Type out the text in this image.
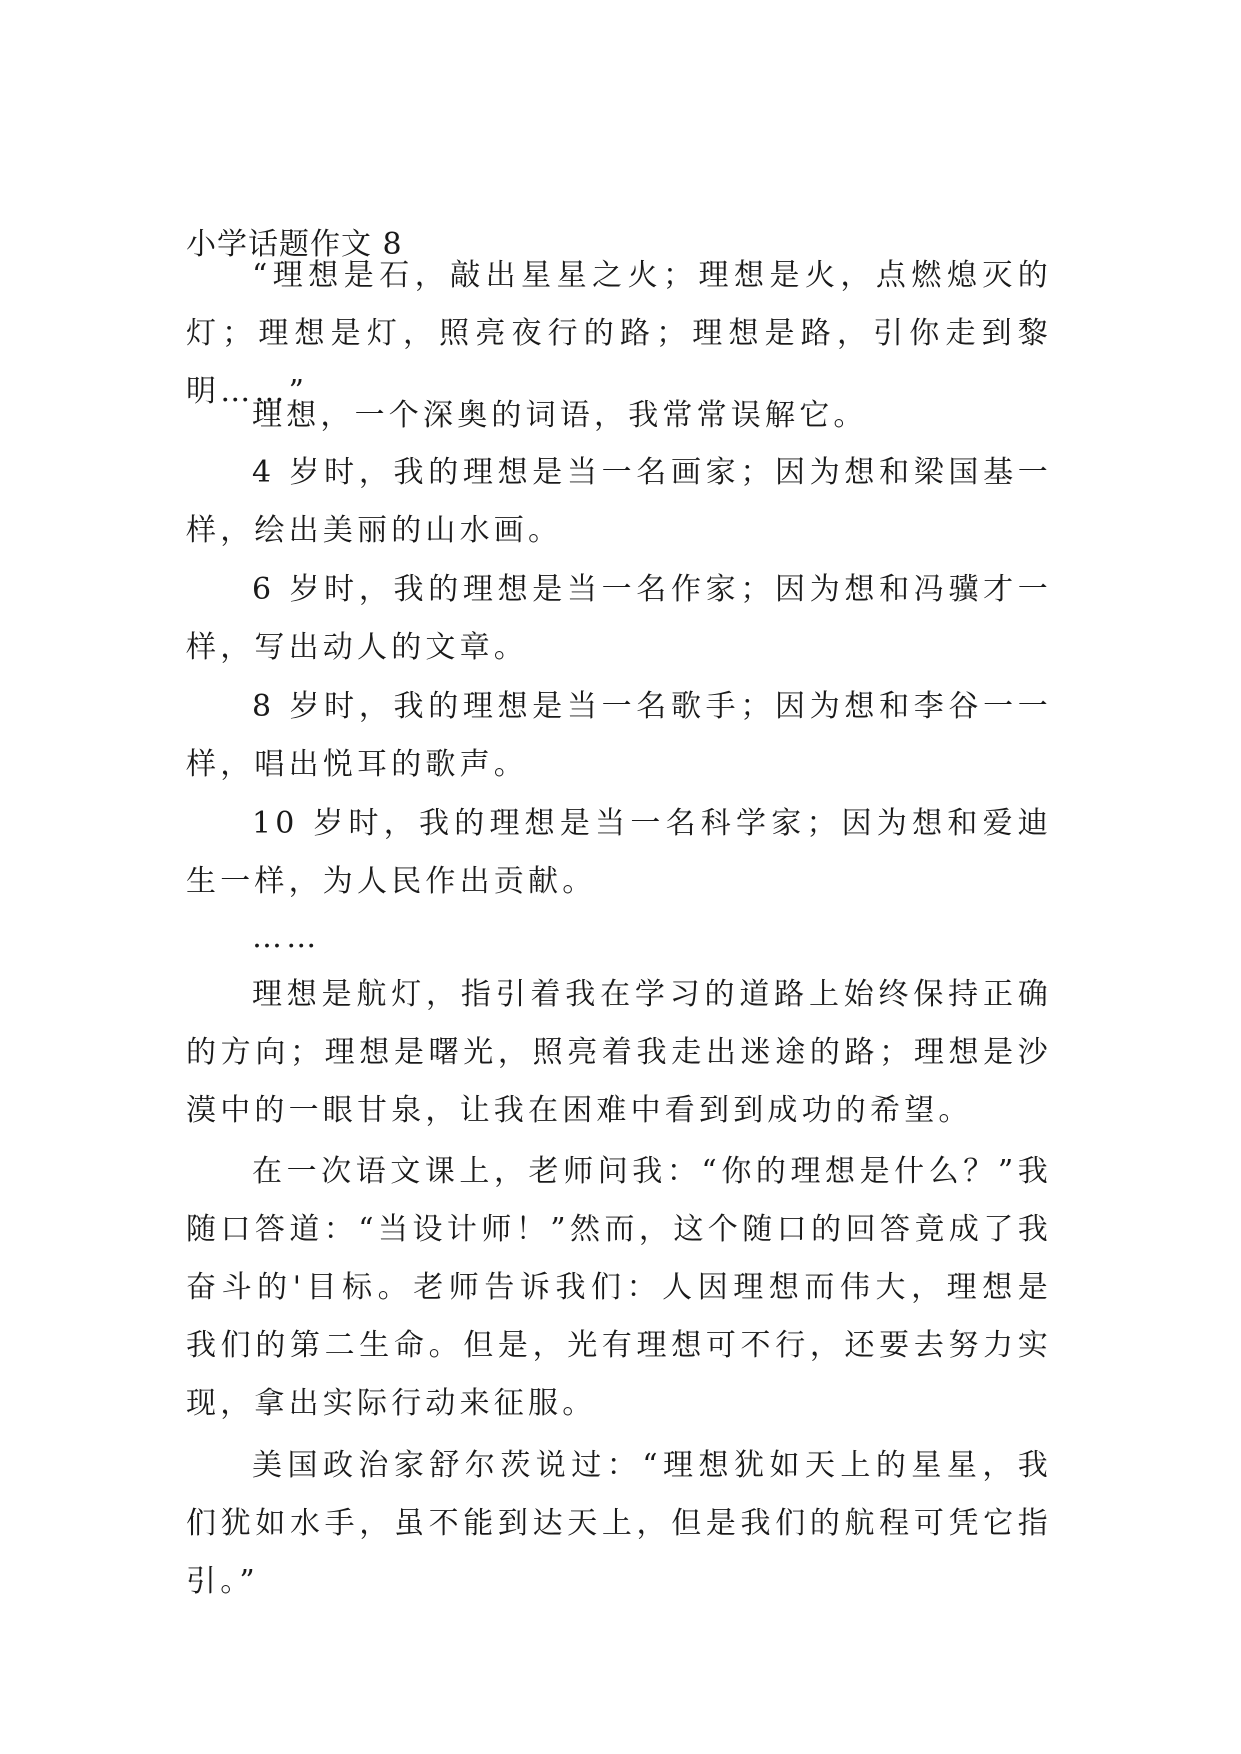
小学话题作文 8

“理想是石，敲出星星之火；理想是火，点燃熄灭的灯；理想是灯，照亮夜行的路；理想是路，引你走到黎明……”

理想，一个深奥的词语，我常常误解它。

4 岁时，我的理想是当一名画家；因为想和梁国基一样，绘出美丽的山水画。

6 岁时，我的理想是当一名作家；因为想和冯骥才一样，写出动人的文章。

8 岁时，我的理想是当一名歌手；因为想和李谷一一样，唱出悦耳的歌声。

10 岁时，我的理想是当一名科学家；因为想和爱迪生一样，为人民作出贡献。

……

理想是航灯，指引着我在学习的道路上始终保持正确的方向；理想是曙光，照亮着我走出迷途的路；理想是沙漠中的一眼甘泉，让我在困难中看到到成功的希望。

在一次语文课上，老师问我：“你的理想是什么？”我随口答道：“当设计师！”然而，这个随口的回答竟成了我奋斗的'目标。老师告诉我们：人因理想而伟大，理想是我们的第二生命。但是，光有理想可不行，还要去努力实现，拿出实际行动来征服。

美国政治家舒尔茨说过：“理想犹如天上的星星，我们犹如水手，虽不能到达天上，但是我们的航程可凭它指引。”
